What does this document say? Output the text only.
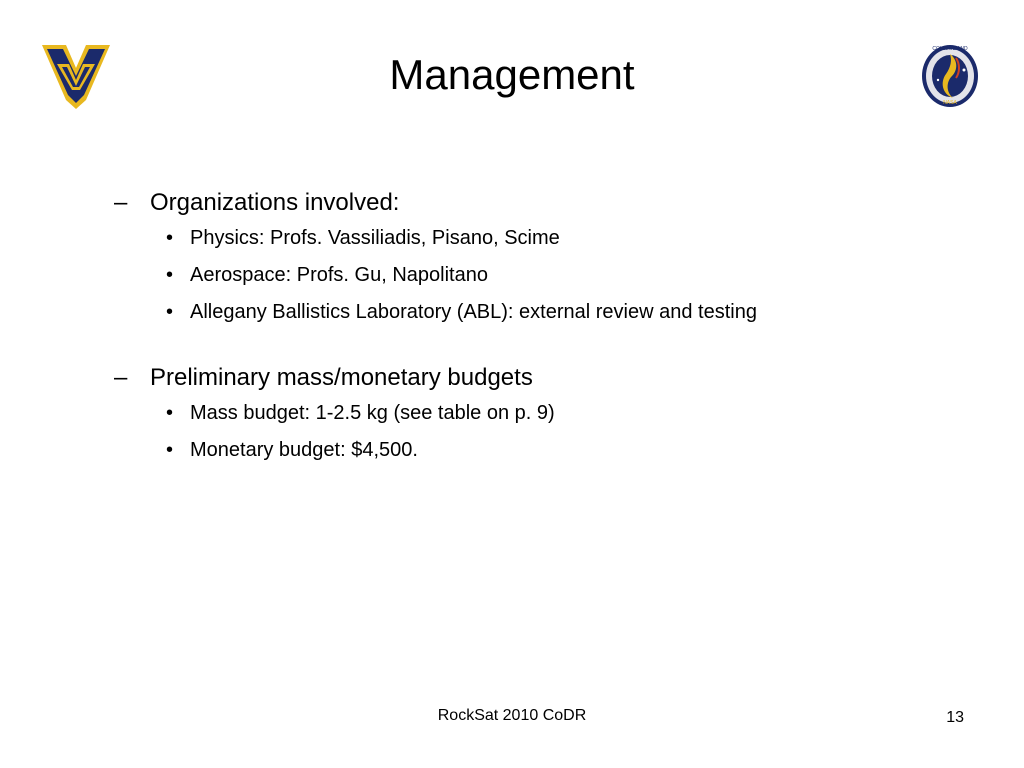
COLLEGE AND
NASA
Management
– Organizations involved:
• Physics: Profs. Vassiliadis, Pisano, Scime
• Aerospace: Profs. Gu, Napolitano
• Allegany Ballistics Laboratory (ABL): external review and testing
– Preliminary mass/monetary budgets
• Mass budget: 1-2.5 kg (see table on p. 9)
• Monetary budget: $4,500.
RockSat 2010 CoDR	13
